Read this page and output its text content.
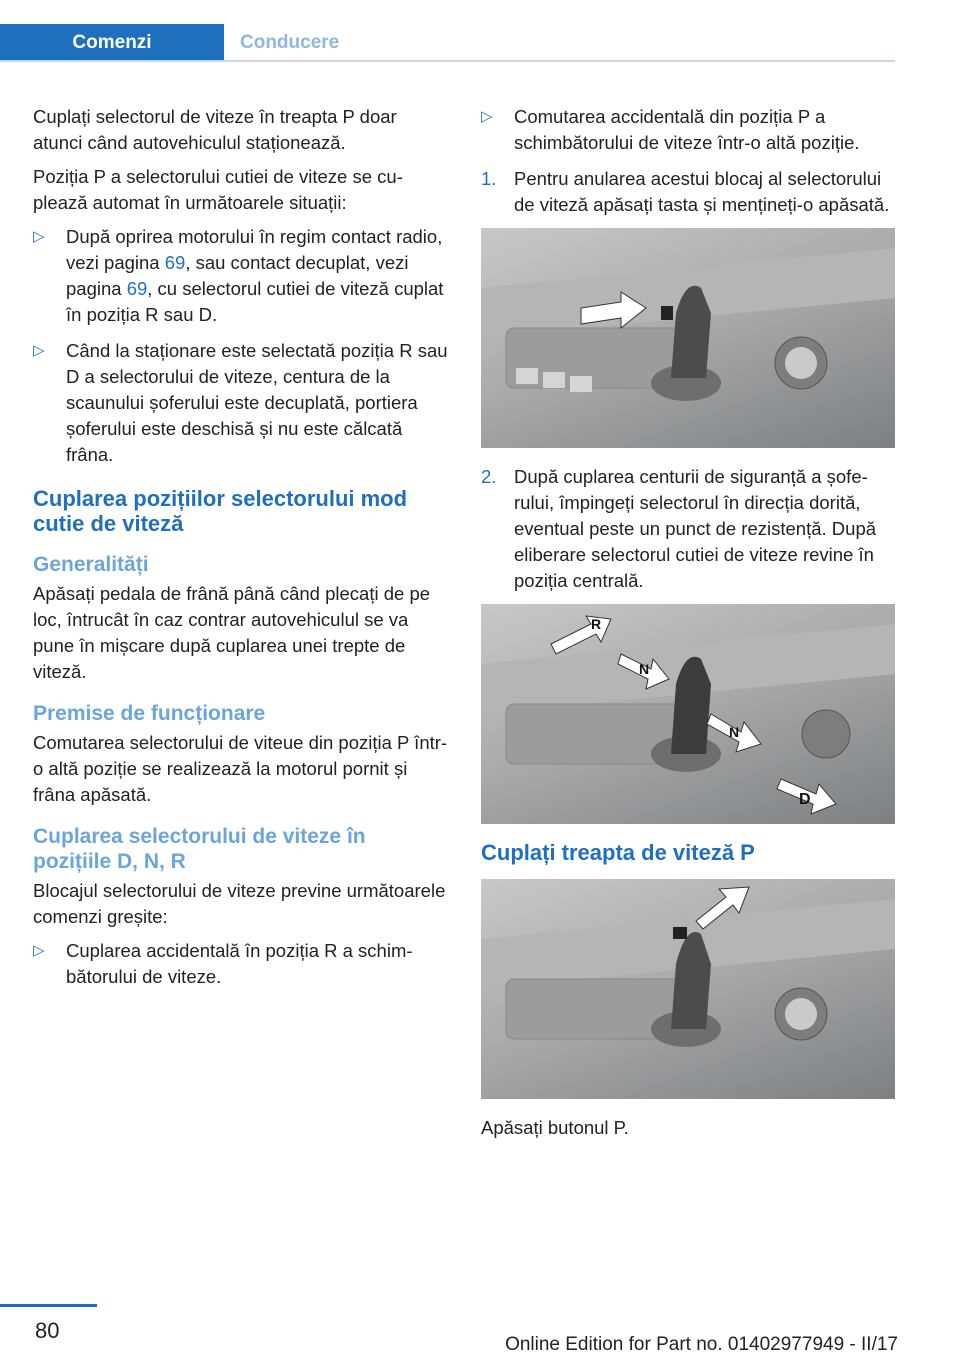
Comenzi	Conducere

Cuplați selectorul de viteze în treapta P doar atunci când autovehiculul staționează.

Poziția P a selectorului cutiei de viteze se cuplează automat în următoarele situații:

▷ După oprirea motorului în regim contact radio, vezi pagina 69, sau contact decuplat, vezi pagina 69, cu selectorul cutiei de viteză cuplat în poziția R sau D.
▷ Când la staționare este selectată poziția R sau D a selectorului de viteze, centura de la scaunului șoferului este decuplată, portiera șoferului este deschisă și nu este călcată frâna.
Cuplarea pozițiilor selectorului mod cutie de viteză
Generalități

Apăsați pedala de frână până când plecați de pe loc, întrucât în caz contrar autovehiculul se va pune în mișcare după cuplarea unei trepte de viteză.

Premise de funcționare

Comutarea selectorului de viteue din poziția P într-o altă poziție se realizează la motorul pornit și frâna apăsată.

Cuplarea selectorului de viteze în pozițiile D, N, R

Blocajul selectorului de viteze previne următoarele comenzi greșite:

▷ Cuplarea accidentală în poziția R a schimbătorului de viteze.
▷ Comutarea accidentală din poziția P a schimbătorului de viteze într-o altă poziție.
1. Pentru anularea acestui blocaj al selectorului de viteză apăsați tasta și mențineți-o apăsată.
2. După cuplarea centurii de siguranță a șoferului, împingeți selectorul în direcția dorită, eventual peste un punct de rezistență. După eliberare selectorul cutiei de viteze revine în poziția centrală.
R
N
N
D
Cuplați treapta de viteză P

Apăsați butonul P.

80
Online Edition for Part no. 01402977949 - II/17
